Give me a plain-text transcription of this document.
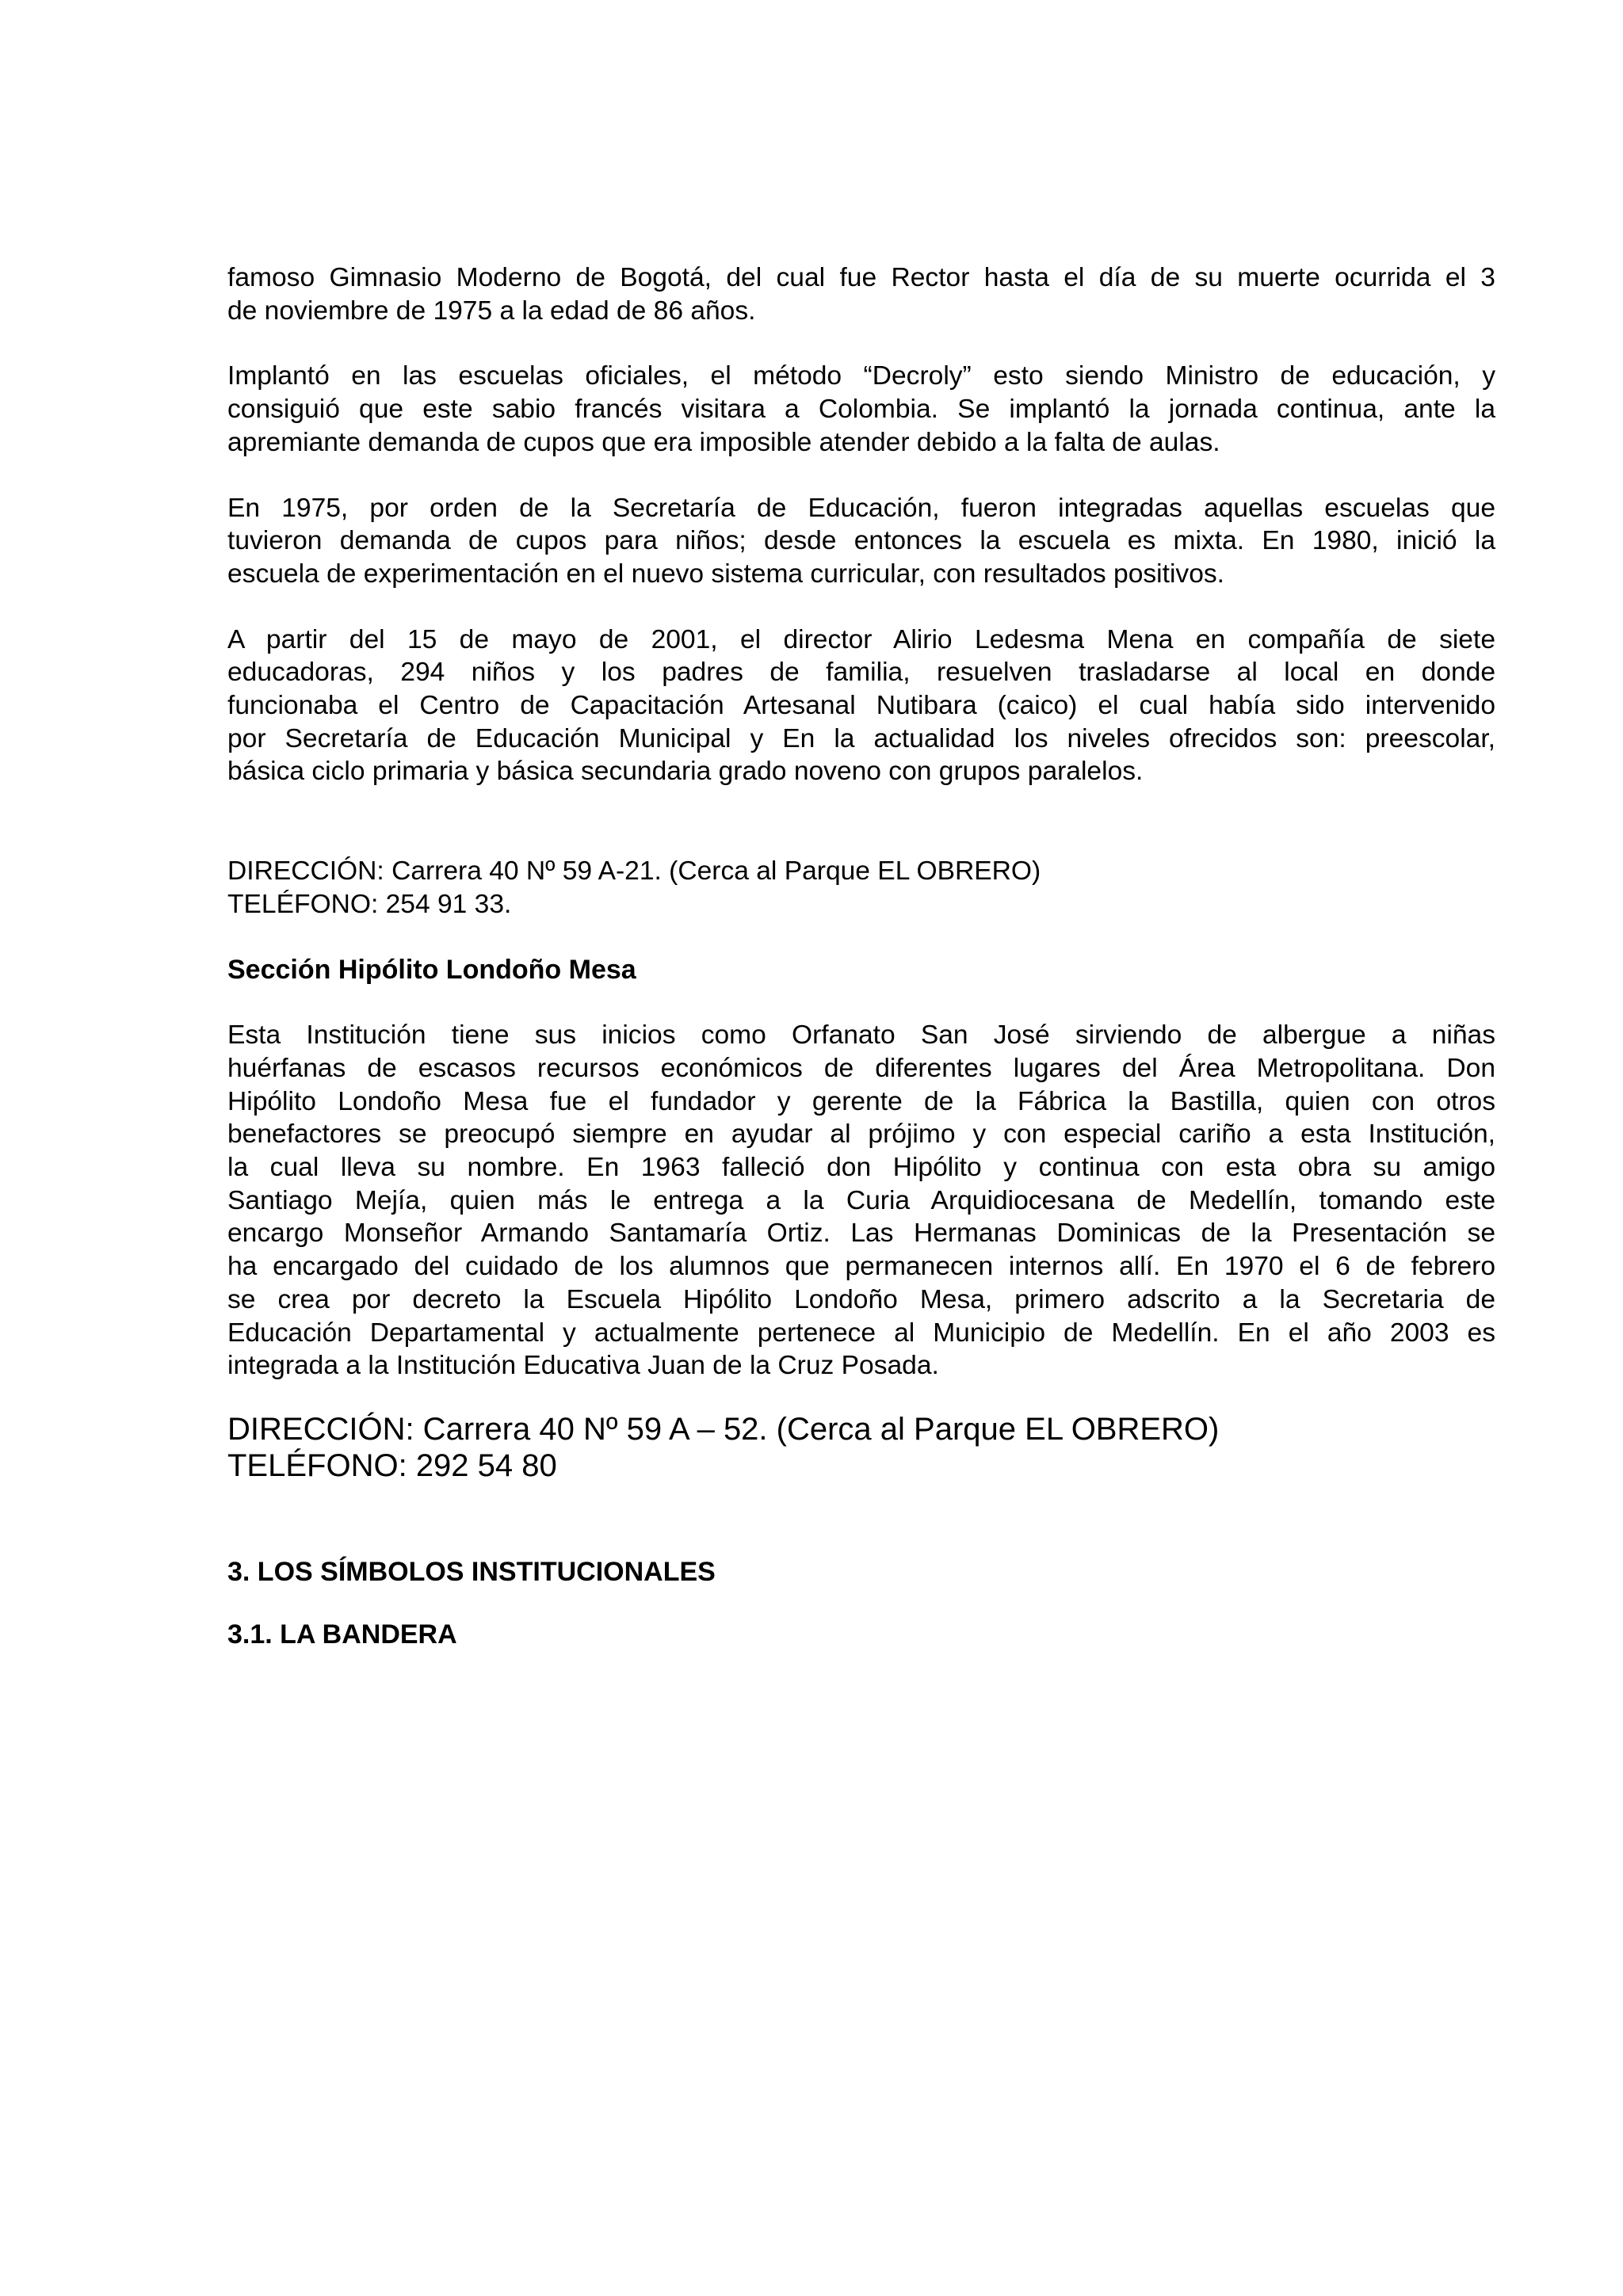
famoso Gimnasio Moderno de Bogotá, del cual fue Rector hasta el día de su muerte ocurrida el 3
de noviembre de 1975 a la edad de 86 años.
Implantó en las escuelas oficiales, el método “Decroly” esto siendo Ministro de educación, y
consiguió que este sabio francés visitara a Colombia. Se implantó la jornada continua, ante la
apremiante demanda de cupos que era imposible atender debido a la falta de aulas.
En 1975, por orden de la Secretaría de Educación, fueron integradas aquellas escuelas que
tuvieron demanda de cupos para niños; desde entonces la escuela es mixta. En 1980, inició la
escuela de experimentación en el nuevo sistema curricular, con resultados positivos.
A partir del 15 de mayo de 2001, el director Alirio Ledesma Mena en compañía de siete
educadoras, 294 niños y los padres de familia, resuelven trasladarse al local en donde
funcionaba el Centro de Capacitación Artesanal Nutibara (caico) el cual había sido intervenido
por Secretaría de Educación Municipal y En la actualidad los niveles ofrecidos son: preescolar,
básica ciclo primaria y básica secundaria grado noveno con grupos paralelos.
DIRECCIÓN: Carrera 40 Nº 59 A-21. (Cerca al Parque EL OBRERO)
TELÉFONO: 254 91 33.
Sección Hipólito Londoño Mesa
Esta Institución tiene sus inicios como Orfanato San José sirviendo de albergue a niñas
huérfanas de escasos recursos económicos de diferentes lugares del Área Metropolitana. Don
Hipólito Londoño Mesa fue el fundador y gerente de la Fábrica la Bastilla, quien con otros
benefactores se preocupó siempre en ayudar al prójimo y con especial cariño a esta Institución,
la cual lleva su nombre. En 1963 falleció don Hipólito y continua con esta obra su amigo
Santiago Mejía, quien más le entrega a la Curia Arquidiocesana de Medellín, tomando este
encargo Monseñor Armando Santamaría Ortiz. Las Hermanas Dominicas de la Presentación se
ha encargado del cuidado de los alumnos que permanecen internos allí. En 1970 el 6 de febrero
se crea por decreto la Escuela Hipólito Londoño Mesa, primero adscrito a la Secretaria de
Educación Departamental y actualmente pertenece al Municipio de Medellín. En el año 2003 es
integrada a la Institución Educativa Juan de la Cruz Posada.
DIRECCIÓN: Carrera 40 Nº 59 A – 52. (Cerca al Parque EL OBRERO)
TELÉFONO: 292 54 80
3. LOS SÍMBOLOS INSTITUCIONALES
3.1. LA BANDERA
